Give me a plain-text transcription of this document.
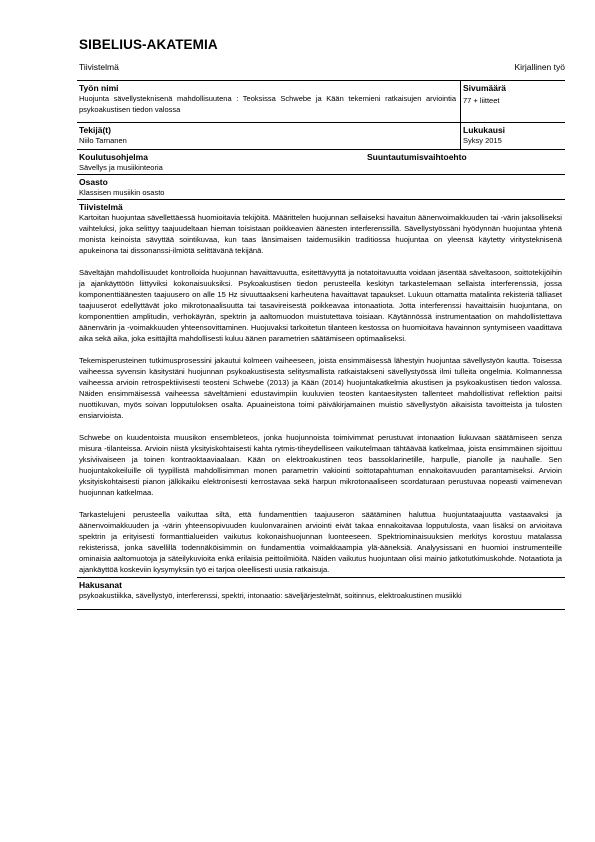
SIBELIUS-AKATEMIA
Tiivistelmä	Kirjallinen työ
Työn nimi
Huojunta sävellysteknisenä mahdollisuutena : Teoksissa Schwebe ja Kään tekemieni ratkaisujen arviointia psykoakustisen tiedon valossa
Sivumäärä
77 + liitteet
Tekijä(t)
Niilo Tarnanen
Lukukausi
Syksy 2015
Koulutusohjelma
Sävellys ja musiikinteoria
Suuntautumisvaihtoehto
Osasto
Klassisen musiikin osasto
Tiivistelmä

Kartoitan huojuntaa sävellettäessä huomioitavia tekijöitä. Määrittelen huojunnan sellaiseksi havaitun äänenvoimakkuuden tai -värin jaksolliseksi vaihteluksi, joka selittyy taajuudeltaan hieman toisistaan poikkeavien äänesten interferenssillä. Sävellystyössäni hyödynnän huojuntaa yhtenä monista keinoista sävyttää sointikuvaa, kun taas länsimaisen taidemusiikin traditiossa huojuntaa on yleensä käytetty viritysteknisenä apukeinona tai dissonanssi-ilmiötä selittävänä tekijänä.

Säveltäjän mahdollisuudet kontrolloida huojunnan havaittavuutta, esitettävyyttä ja notatoitavuutta voidaan jäsentää säveltasoon, soittotekijöihin ja ajankäyttöön liittyviksi kokonaisuuksiksi. Psykoakustisen tiedon perusteella keskityn tarkastelemaan sellaista interferenssiä, jossa komponenttiäänesten taajuusero on alle 15 Hz sivuuttaakseni karheutena havaittavat tapaukset. Lukuun ottamatta matalinta rekisteriä tälliaset taajuuserot edellyttävät joko mikrotonaalisuutta tai tasavireisestä poikkeavaa intonaatiota. Jotta interferenssi havaittaisiin huojuntana, on komponenttien amplitudin, verhokäyrän, spektrin ja aaltomuodon muistutettava toisiaan. Käytännössä instrumentaation on mahdollistettava äänenvärin ja -voimakkuuden yhteensovittaminen. Huojuvaksi tarkoitetun tilanteen kestossa on huomioitava havainnon syntymiseen vaadittava aika sekä aika, joka esittäjiltä mahdollisesti kuluu äänen parametrien säätämiseen optimaaliseksi.

Tekemisperusteinen tutkimusprosessini jakautui kolmeen vaiheeseen, joista ensimmäisessä lähestyin huojuntaa sävellystyön kautta. Toisessa vaiheessa syvensin käsitystäni huojunnan psykoakustisesta selitysmallista ratkaistakseni sävellystyössä ilmi tulleita ongelmia. Kolmannessa vaiheessa arvioin retrospektiivisesti teosteni Schwebe (2013) ja Kään (2014) huojuntakatkelmia akustisen ja psykoakustisen tiedon valossa. Näiden ensimmäisessä vaiheessa säveltämieni edustavimpiin kuuluvien teosten kantaesitysten tallenteet mahdollistivat reflektion paitsi nuottikuvan, myös soivan lopputuloksen osalta. Apuaineistona toimi päiväkirjamainen muistio sävellystyön aikaisista tavoitteista ja tulosten ensiarvioista.

Schwebe on kuudentoista muusikon ensembleteos, jonka huojunnoista toimivimmat perustuvat intonaation liukuvaan säätämiseen senza misura -tilanteissa. Arvioin niistä yksityiskohtaisesti kahta rytmis-tiheydelliseen vaikutelmaan tähtäävää katkelmaa, joista ensimmäinen sijoittuu yksiviivaiseen ja toinen kontraoktaaviaalaan. Kään on elektroakustinen teos bassoklarinetille, harpulle, pianolle ja nauhalle. Sen huojuntakokeiluille oli tyypillistä mahdollisimman monen parametrin vakiointi soittotapahtuman ennakoitavuuden parantamiseksi. Arvioin yksityiskohtaisesti pianon jälkikaiku elektronisesti kerrostavaa sekä harpun mikrotonaaliseen scordaturaan perustuvaa nopeasti vaimenevan huojunnan katkelmaa.

Tarkastelujeni perusteella vaikuttaa siltä, että fundamenttien taajuuseron säätäminen haluttua huojuntataajuutta vastaavaksi ja äänenvoimakkuuden ja -värin yhteensopivuuden kuulonvarainen arviointi eivät takaa ennakoitavaa lopputulosta, vaan lisäksi on arvioitava spektrin ja erityisesti formanttialueiden vaikutus kokonaishuojunnan luonteeseen. Spektriominaisuuksien merkitys korostuu matalassa rekisterissä, jonka sävellillä todennäköisimmin on fundamenttia voimakkaampia ylä-ääneksiä. Analyysissani en huomioi instrumenteille ominaisia aaltomuotoja ja säteilykuvioita enkä erilaisia peittoilmiöitä. Näiden vaikutus huojuntaan olisi mainio jatkotutkimuskohde. Notaatiota ja ajankäyttöä koskeviin kysymyksiin työ ei tarjoa oleellisesti uusia ratkaisuja.

Hakusanat
psykoakustiikka, sävellystyö, interferenssi, spektri, intonaatio: säveljärjestelmät, soitinnus, elektroakustinen musiikki
